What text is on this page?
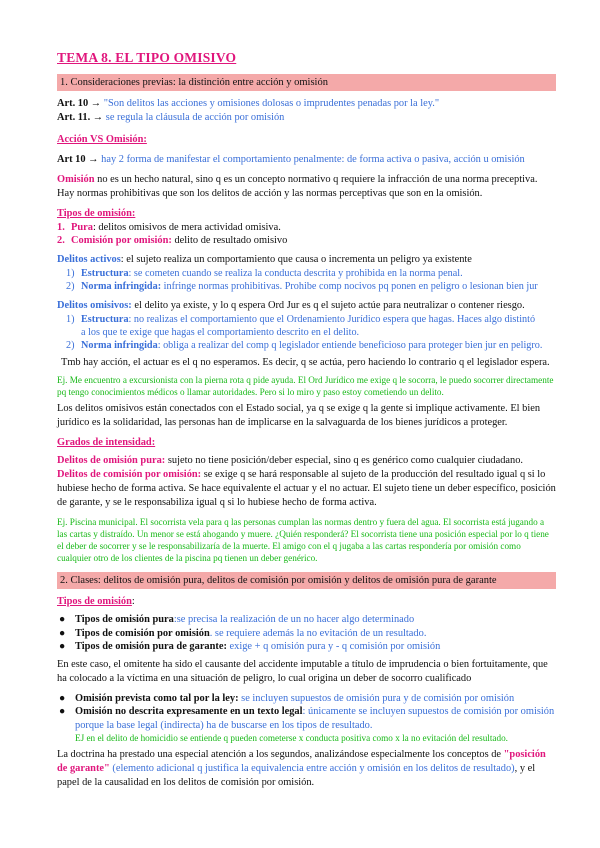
TEMA 8. EL TIPO OMISIVO
1. Consideraciones previas: la distinción entre acción y omisión

Art. 10 → "Son delitos las acciones y omisiones dolosas o imprudentes penadas por la ley."

Art. 11. → se regula la cláusula de acción por omisión

Acción VS Omisión:

Art 10 → hay 2 forma de manifestar el comportamiento penalmente: de forma activa o pasiva, acción u omisión

Omisión no es un hecho natural, sino q es un concepto normativo q requiere la infracción de una norma preceptiva. Hay normas prohibitivas que son los delitos de acción y las normas perceptivas que son en la omisión.

Tipos de omisión:

1. Pura: delitos omisivos de mera actividad omisiva.
2. Comisión por omisión: delito de resultado omisivo

Delitos activos: el sujeto realiza un comportamiento que causa o incrementa un peligro ya existente

1) Estructura: se cometen cuando se realiza la conducta descrita y prohibida en la norma penal.
2) Norma infringida: infringe normas prohibitivas. Prohibe comp nocivos pq ponen en peligro o lesionan bien jur

Delitos omisivos: el delito ya existe, y lo q espera Ord Jur es q el sujeto actúe para neutralizar o contener riesgo.

1) Estructura: no realizas el comportamiento que el Ordenamiento Jurídico espera que hagas. Haces algo distintó
a los que te exige que hagas el comportamiento descrito en el delito.
2) Norma infringida: obliga a realizar del comp q legislador entiende beneficioso para proteger bien jur en peligro.

Tmb hay acción, el actuar es el q no esperamos. Es decir, q se actúa, pero haciendo lo contrario q el legislador espera.

Ej. Me encuentro a excursionista con la pierna rota q pide ayuda. El Ord Jurídico me exige q le socorra, le puedo socorrer directamente pq tengo conocimientos médicos o llamar autoridades. Pero si lo miro y paso estoy cometiendo un delito.

Los delitos omisivos están conectados con el Estado social, ya q se exige q la gente si implique activamente. El bien jurídico es la solidaridad, las personas han de implicarse en la salvaguarda de los bienes jurídicos a proteger.

Grados de intensidad:

Delitos de omisión pura: sujeto no tiene posición/deber especial, sino q es genérico como cualquier ciudadano.

Delitos de comisión por omisión: se exige q se hará responsable al sujeto de la producción del resultado igual q si lo hubiese hecho de forma activa. Se hace equivalente el actuar y el no actuar. El sujeto tiene un deber específico, posición de garante, y se le responsabiliza igual q si lo hubiese hecho de forma activa.

Ej. Piscina municipal. El socorrista vela para q las personas cumplan las normas dentro y fuera del agua. El socorrista está jugando a las cartas y distraído. Un menor se está ahogando y muere. ¿Quién responderá? El socorrista tiene una posición especial por lo q tiene el deber de socorrer y se le responsabilizaría de la muerte. El amigo con el q jugaba a las cartas respondería por omisión como cualquier otro de los clientes de la piscina pq tienen un deber genérico.

2. Clases: delitos de omisión pura, delitos de comisión por omisión y delitos de omisión pura de garante

Tipos de omisión:

● Tipos de omisión pura:se precisa la realización de un no hacer algo determinado
● Tipos de comisión por omisión. se requiere además la no evitación de un resultado.
● Tipos de omisión pura de garante: exige + q omisión pura y - q comisión por omisión

En este caso, el omitente ha sido el causante del accidente imputable a título de imprudencia o bien fortuitamente, que ha colocado a la víctima en una situación de peligro, lo cual origina un deber de socorro cualificado

● Omisión prevista como tal por la ley: se incluyen supuestos de omisión pura y de comisión por omisión
● Omisión no descrita expresamente en un texto legal: únicamente se incluyen supuestos de comisión por omisión porque la base legal (indirecta) ha de buscarse en los tipos de resultado.

EJ en el delito de homicidio se entiende q pueden cometerse x conducta positiva como x la no evitación del resultado.

La doctrina ha prestado una especial atención a los segundos, analizándose especialmente los conceptos de "posición de garante" (elemento adicional q justifica la equivalencia entre acción y omisión en los delitos de resultado), y el papel de la causalidad en los delitos de comisión por omisión.
